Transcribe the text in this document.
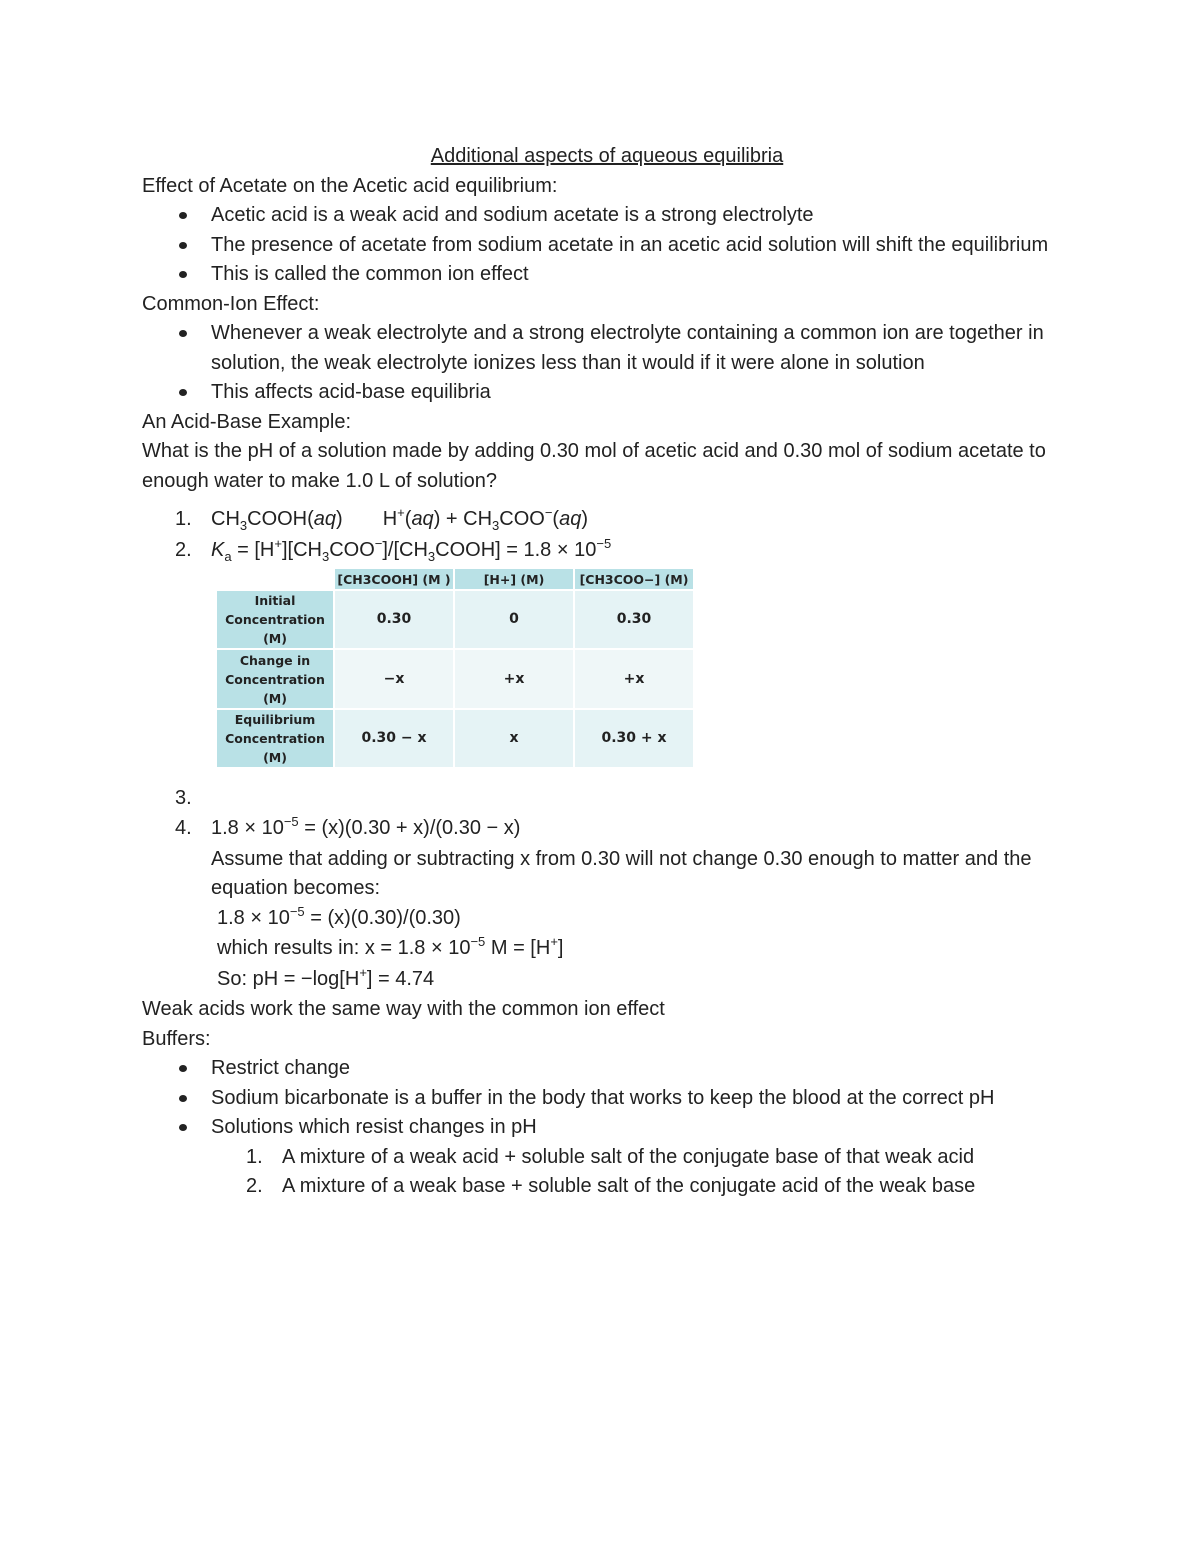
Additional aspects of aqueous equilibria
Effect of Acetate on the Acetic acid equilibrium:
Acetic acid is a weak acid and sodium acetate is a strong electrolyte
The presence of acetate from sodium acetate in an acetic acid solution will shift the equilibrium
This is called the common ion effect
Common-Ion Effect:
Whenever a weak electrolyte and a strong electrolyte containing a common ion are together in solution, the weak electrolyte ionizes less than it would if it were alone in solution
This affects acid-base equilibria
An Acid-Base Example:
What is the pH of a solution made by adding 0.30 mol of acetic acid and 0.30 mol of sodium acetate to enough water to make 1.0 L of solution?
1. $CH_3COOH(aq) H^+(aq) + CH_3COO^-(aq)$
2. $K_a$ = $[H^+][CH_3COO^-]/[CH_3COOH] = 1.8 \times 10^{-5}$
3.
	[CH3COOH] (M )	[H+] (M)	[CH3COO−] (M)
Initial Concentration (M)	0.30	0	0.30
Change in Concentration (M)	−x	+x	+x
Equilibrium Concentration (M)	0.30 − x	x	0.30 + x
4. $1.8 \times 10^{-5} = (x)(0.30 + x)/(0.30 - x)$
Assume that adding or subtracting x from 0.30 will not change 0.30 enough to matter and the equation becomes:
$1.8 \times 10^{-5} = (x)(0.30)/(0.30)$
which results in: $x = 1.8 \times 10^{-5}$ M = [H+]
So: pH = −log[H+] = 4.74
Weak acids work the same way with the common ion effect
Buffers:
Restrict change
Sodium bicarbonate is a buffer in the body that works to keep the blood at the correct pH
Solutions which resist changes in pH
1. A mixture of a weak acid + soluble salt of the conjugate base of that weak acid
2. A mixture of a weak base + soluble salt of the conjugate acid of the weak base
